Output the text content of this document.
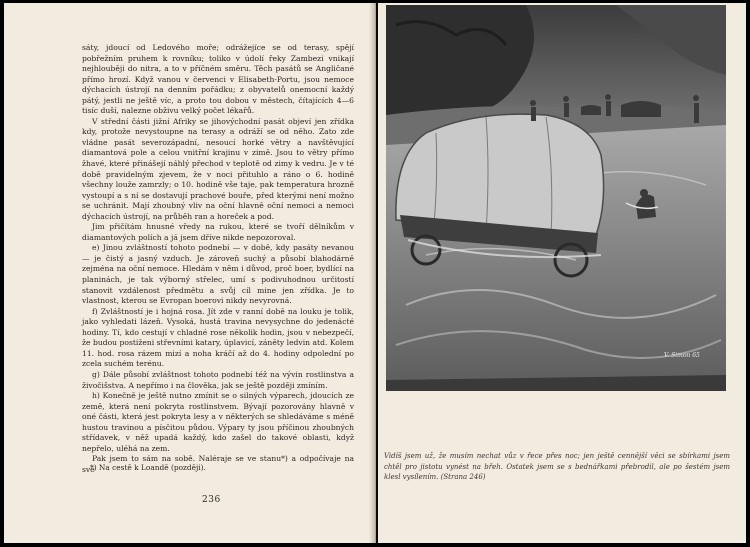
sáty, jdoucí od Ledového moře; odrážejíce se od terasy, spějí pobřežním pruhem k rovníku; toliko v údolí řeky Zambezi vnikají nejhlouběji do nitra, a to v příčném směru. Těch pasátů se Angličané přímo hrozí. Když vanou v červenci v Elisabeth-Portu, jsou nemoce dýchacích ústrojí na denním pořádku; z obyvatelů onemocní každý pátý, jestli ne ještě víc, a proto tou dobou v městech, čítajících 4—6 tisíc duší, nalezne obživu velký počet lékařů.

V střední části jižní Afriky se jihovýchodní pasát objeví jen zřídka kdy, protože nevystoupne na terasy a odráží se od něho. Zato zde vládne pasát severozápadní, nesoucí horké větry a navštěvující diamantová pole a celou vnitřní krajinu v zimě. Jsou to větry přímo žhavé, které přinášejí náhlý přechod v teplotě od zimy k vedru. Je v té době pravidelným zjevem, že v noci přituhlo a ráno o 6. hodině všechny louže zamrzly; o 10. hodině vše taje, pak temperatura hrozně vystoupí a s ní se dostavují prachové bouře, před kterými není možno se uchránit. Mají zhoubný vliv na oční hlavně oční nemoci a nemoci dýchacích ústrojí, na průběh ran a horeček a pod.

Jim přičítám hnusné vředy na rukou, které se tvoří dělníkům v diamantových polích a já jsem dříve nikde nepozoroval.

e) Jinou zvláštností tohoto podnebí — v době, kdy pasáty nevanou — je čistý a jasný vzduch. Je zároveň suchý a působí blahodárně zejména na oční nemoce. Hledám v něm i důvod, proč boer, bydlící na planinách, je tak výborný střelec, umí s podivuhodnou určitostí stanovit vzdálenost předmětu a svůj cíl mine jen zřídka. Je to vlastnost, kterou se Evropan boerovi nikdy nevyrovná.

f) Zvláštností je i hojná rosa. Jít zde v ranní době na louku je tolik, jako vyhledati lázeň. Vysoká, hustá travina nevysychne do jedenácté hodiny. Tí, kdo cestují v chladné rose několik hodin, jsou v nebezpečí, že budou postiženi střevními katary, úplavicí, záněty ledvin atd. Kolem 11. hod. rosa rázem mizí a noha kráčí až do 4. hodiny odpolední po zcela suchém terénu.

g) Dále působí zvláštnost tohoto podnebí též na vývin rostlinstva a živočišstva. A nepřímo i na člověka, jak se ještě později zmíním.

h) Konečně je ještě nutno zmínit se o silných výparech, jdoucích ze země, která není pokryta rostlinstvem. Bývají pozorovány hlavně v oné části, která jest pokryta lesy a v některých se shledáváme s méně hustou travinou a písčitou půdou. Výpary ty jsou příčinou zhoubných střídavek, v něž upadá každý, kdo zašel do takové oblasti, když nepřelo, uléhá na zem.

Pak jsem to sám na sobě. Naléraje se ve stanu*) a odpočívaje na své

*) Na cestě k Loandě (později).
236
V. Simon 65
Vidíš jsem už, že musím nechat vůz v řece přes noc; jen ještě cennější věci se sbírkami jsem chtěl pro jistotu vynést na břeh. Ostatek jsem se s bednářkami přebrodil, ale po šestém jsem klesl vysílením. (Strana 246)
